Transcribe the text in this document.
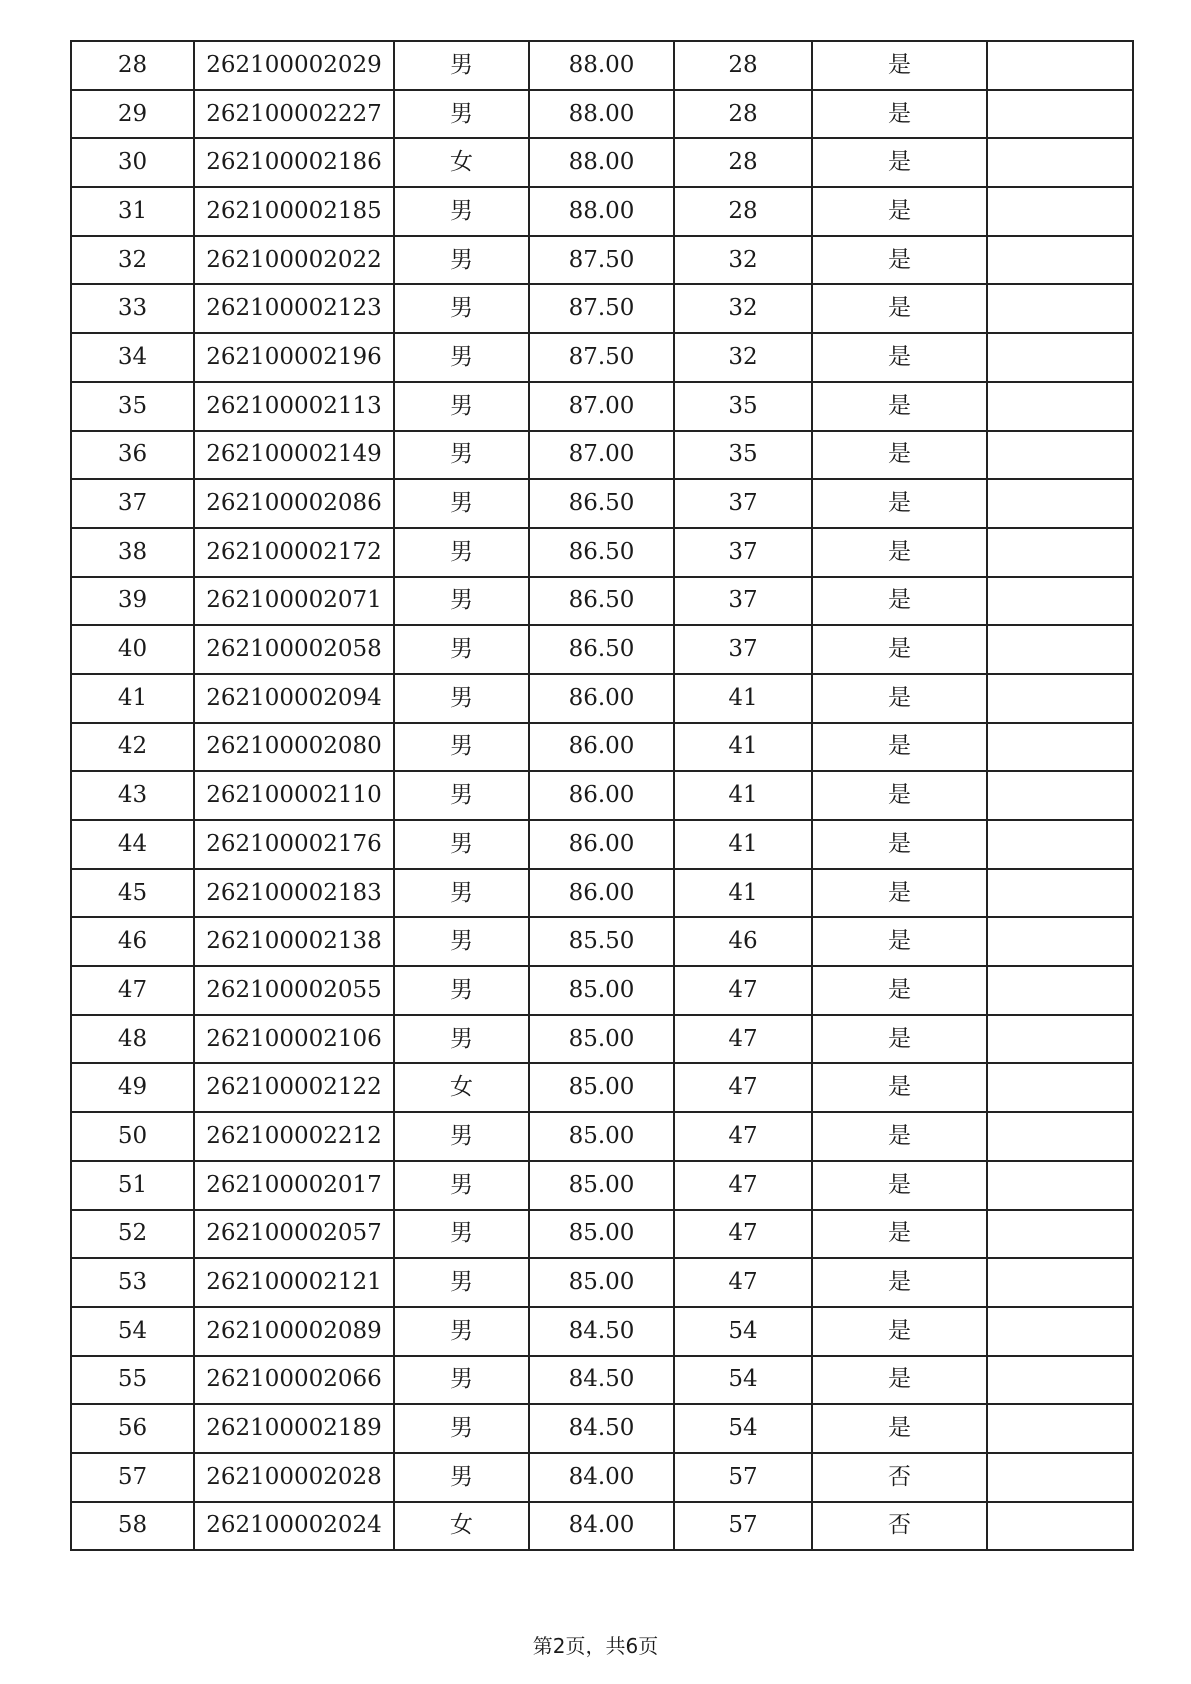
28	262100002029	男	88.00	28	是	
29	262100002227	男	88.00	28	是	
30	262100002186	女	88.00	28	是	
31	262100002185	男	88.00	28	是	
32	262100002022	男	87.50	32	是	
33	262100002123	男	87.50	32	是	
34	262100002196	男	87.50	32	是	
35	262100002113	男	87.00	35	是	
36	262100002149	男	87.00	35	是	
37	262100002086	男	86.50	37	是	
38	262100002172	男	86.50	37	是	
39	262100002071	男	86.50	37	是	
40	262100002058	男	86.50	37	是	
41	262100002094	男	86.00	41	是	
42	262100002080	男	86.00	41	是	
43	262100002110	男	86.00	41	是	
44	262100002176	男	86.00	41	是	
45	262100002183	男	86.00	41	是	
46	262100002138	男	85.50	46	是	
47	262100002055	男	85.00	47	是	
48	262100002106	男	85.00	47	是	
49	262100002122	女	85.00	47	是	
50	262100002212	男	85.00	47	是	
51	262100002017	男	85.00	47	是	
52	262100002057	男	85.00	47	是	
53	262100002121	男	85.00	47	是	
54	262100002089	男	84.50	54	是	
55	262100002066	男	84.50	54	是	
56	262100002189	男	84.50	54	是	
57	262100002028	男	84.00	57	否	
58	262100002024	女	84.00	57	否	
第2页，共6页
